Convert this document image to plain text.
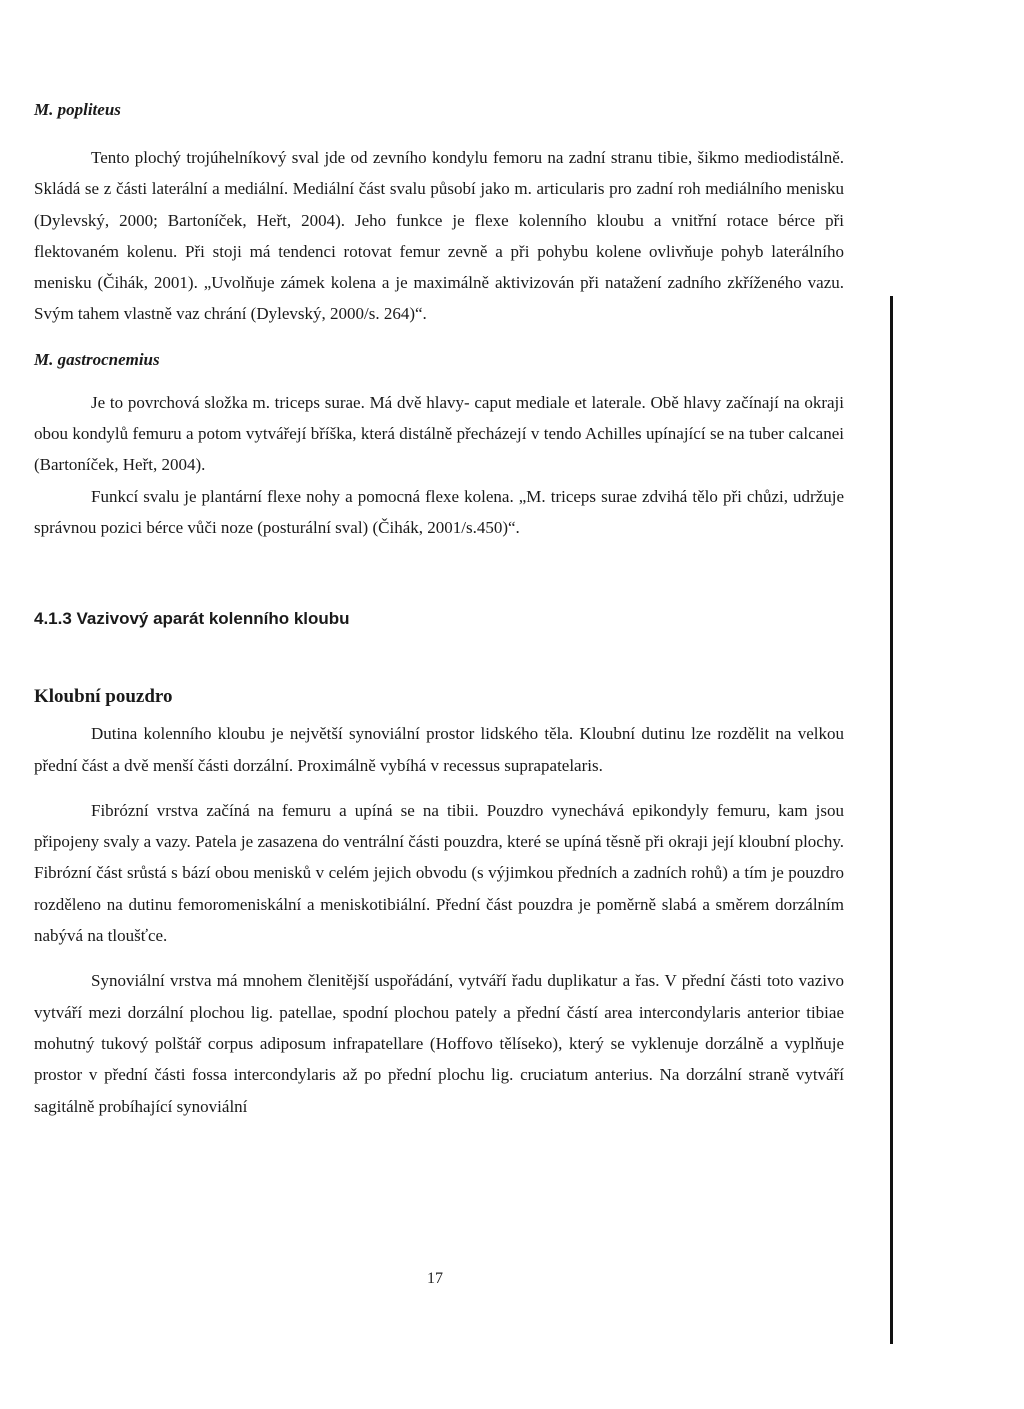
M. popliteus

Tento plochý trojúhelníkový sval jde od zevního kondylu femoru na zadní stranu tibie, šikmo mediodistálně. Skládá se z části laterální a mediální. Mediální část svalu působí jako m. articularis pro zadní roh mediálního menisku (Dylevský, 2000; Bartoníček, Heřt, 2004). Jeho funkce je flexe kolenního kloubu a vnitřní rotace bérce při flektovaném kolenu. Při stoji má tendenci rotovat femur zevně a při pohybu kolene ovlivňuje pohyb laterálního menisku (Čihák, 2001). „Uvolňuje zámek kolena a je maximálně aktivizován při natažení zadního zkříženého vazu. Svým tahem vlastně vaz chrání (Dylevský, 2000/s. 264)“.

M. gastrocnemius

Je to povrchová složka m. triceps surae. Má dvě hlavy- caput mediale et laterale. Obě hlavy začínají na okraji obou kondylů femuru a potom vytvářejí bříška, která distálně přecházejí v tendo Achilles upínající se na tuber calcanei (Bartoníček, Heřt, 2004).

Funkcí svalu je plantární flexe nohy a pomocná flexe kolena. „M. triceps surae zdvihá tělo při chůzi, udržuje správnou pozici bérce vůči noze (posturální sval) (Čihák, 2001/s.450)“.

4.1.3 Vazivový aparát kolenního kloubu

Kloubní pouzdro

Dutina kolenního kloubu je největší synoviální prostor lidského těla. Kloubní dutinu lze rozdělit na velkou přední část a dvě menší části dorzální. Proximálně vybíhá v recessus suprapatelaris.

Fibrózní vrstva začíná na femuru a upíná se na tibii. Pouzdro vynechává epikondyly femuru, kam jsou připojeny svaly a vazy. Patela je zasazena do ventrální části pouzdra, které se upíná těsně při okraji její kloubní plochy. Fibrózní část srůstá s bází obou menisků v celém jejich obvodu (s výjimkou předních a zadních rohů) a tím je pouzdro rozděleno na dutinu femoromeniskální a meniskotibiální. Přední část pouzdra je poměrně slabá a směrem dorzálním nabývá na tloušťce.

Synoviální vrstva má mnohem členitější uspořádání, vytváří řadu duplikatur a řas. V přední části toto vazivo vytváří mezi dorzální plochou lig. patellae, spodní plochou pately a přední částí area intercondylaris anterior tibiae mohutný tukový polštář corpus adiposum infrapatellare (Hoffovo tělíseko), který se vyklenuje dorzálně a vyplňuje prostor v přední části fossa intercondylaris až po přední plochu lig. cruciatum anterius. Na dorzální straně vytváří sagitálně probíhající synoviální

17
